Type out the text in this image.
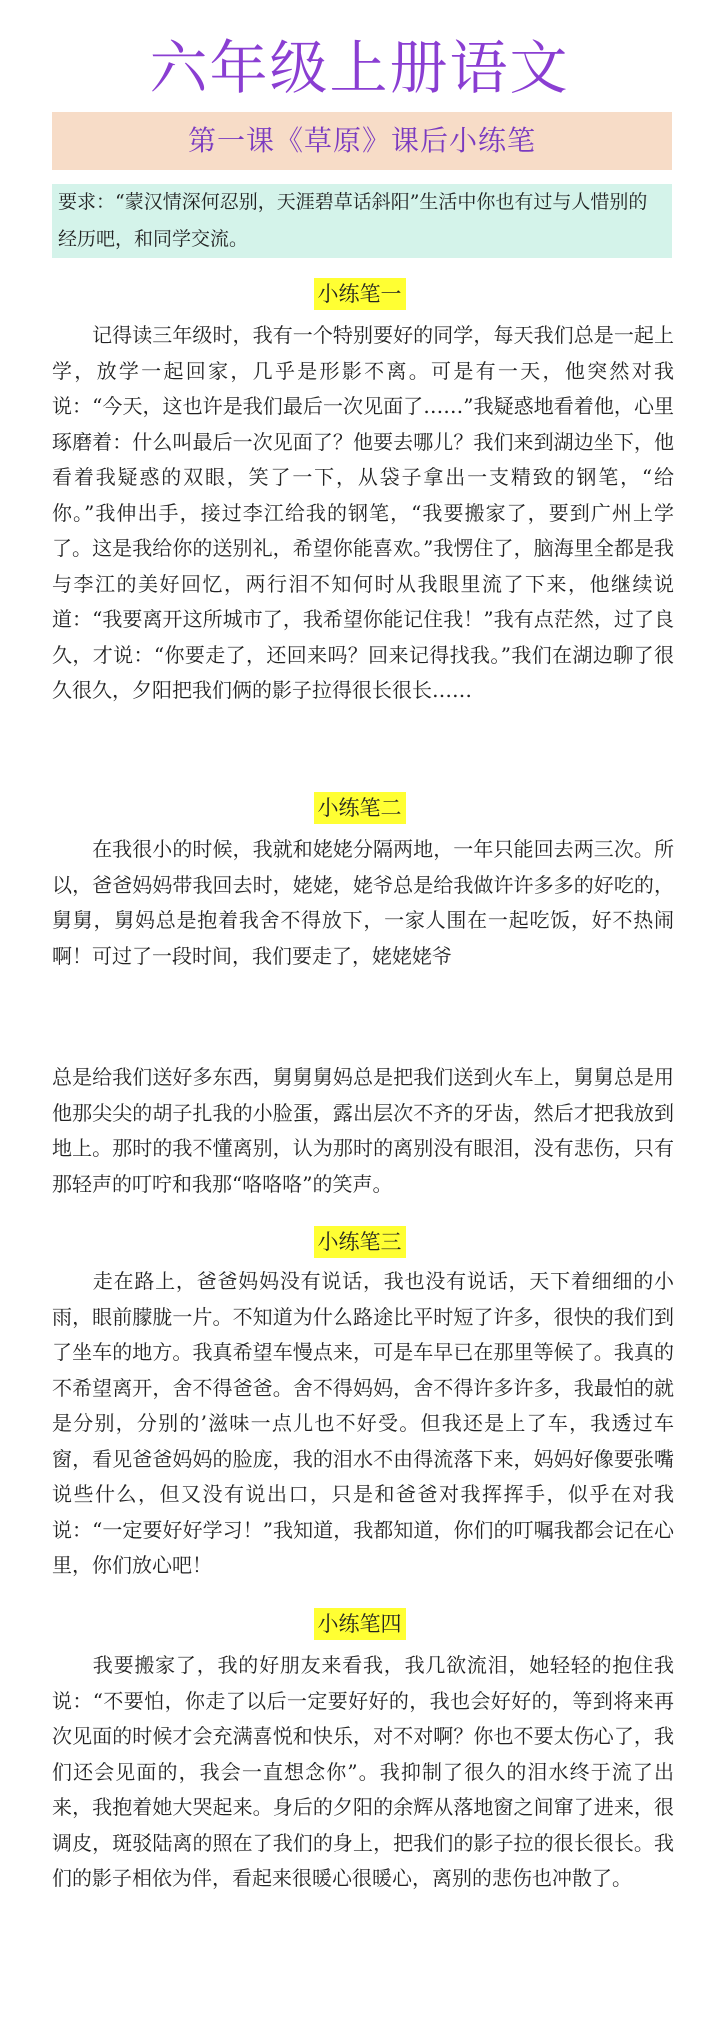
六年级上册语文
第一课《草原》课后小练笔
要求：“蒙汉情深何忍别，天涯碧草话斜阳”生活中你也有过与人惜别的经历吧，和同学交流。
小练笔一

记得读三年级时，我有一个特别要好的同学，每天我们总是一起上学，放学一起回家，几乎是形影不离。可是有一天，他突然对我说：“今天，这也许是我们最后一次见面了……”我疑惑地看着他，心里琢磨着：什么叫最后一次见面了？他要去哪儿？我们来到湖边坐下，他看着我疑惑的双眼，笑了一下，从袋子拿出一支精致的钢笔，“给你。”我伸出手，接过李江给我的钢笔，“我要搬家了，要到广州上学了。这是我给你的送别礼，希望你能喜欢。”我愣住了，脑海里全都是我与李江的美好回忆，两行泪不知何时从我眼里流了下来，他继续说道：“我要离开这所城市了，我希望你能记住我！”我有点茫然，过了良久，才说：“你要走了，还回来吗？回来记得找我。”我们在湖边聊了很久很久，夕阳把我们俩的影子拉得很长很长……

小练笔二

在我很小的时候，我就和姥姥分隔两地，一年只能回去两三次。所以，爸爸妈妈带我回去时，姥姥，姥爷总是给我做许许多多的好吃的，舅舅，舅妈总是抱着我舍不得放下，一家人围在一起吃饭，好不热闹啊！可过了一段时间，我们要走了，姥姥姥爷

总是给我们送好多东西，舅舅舅妈总是把我们送到火车上，舅舅总是用他那尖尖的胡子扎我的小脸蛋，露出层次不齐的牙齿，然后才把我放到地上。那时的我不懂离别，认为那时的离别没有眼泪，没有悲伤，只有那轻声的叮咛和我那“咯咯咯”的笑声。

小练笔三

走在路上，爸爸妈妈没有说话，我也没有说话，天下着细细的小雨，眼前朦胧一片。不知道为什么路途比平时短了许多，很快的我们到了坐车的地方。我真希望车慢点来，可是车早已在那里等候了。我真的不希望离开，舍不得爸爸。舍不得妈妈，舍不得许多许多，我最怕的就是分别，分别的’滋味一点儿也不好受。但我还是上了车，我透过车窗，看见爸爸妈妈的脸庞，我的泪水不由得流落下来，妈妈好像要张嘴说些什么，但又没有说出口，只是和爸爸对我挥挥手，似乎在对我说：“一定要好好学习！”我知道，我都知道，你们的叮嘱我都会记在心里，你们放心吧！

小练笔四

我要搬家了，我的好朋友来看我，我几欲流泪，她轻轻的抱住我说：“不要怕，你走了以后一定要好好的，我也会好好的，等到将来再次见面的时候才会充满喜悦和快乐，对不对啊？你也不要太伤心了，我们还会见面的，我会一直想念你”。我抑制了很久的泪水终于流了出来，我抱着她大哭起来。身后的夕阳的余辉从落地窗之间窜了进来，很调皮，斑驳陆离的照在了我们的身上，把我们的影子拉的很长很长。我们的影子相依为伴，看起来很暖心很暖心，离别的悲伤也冲散了。
